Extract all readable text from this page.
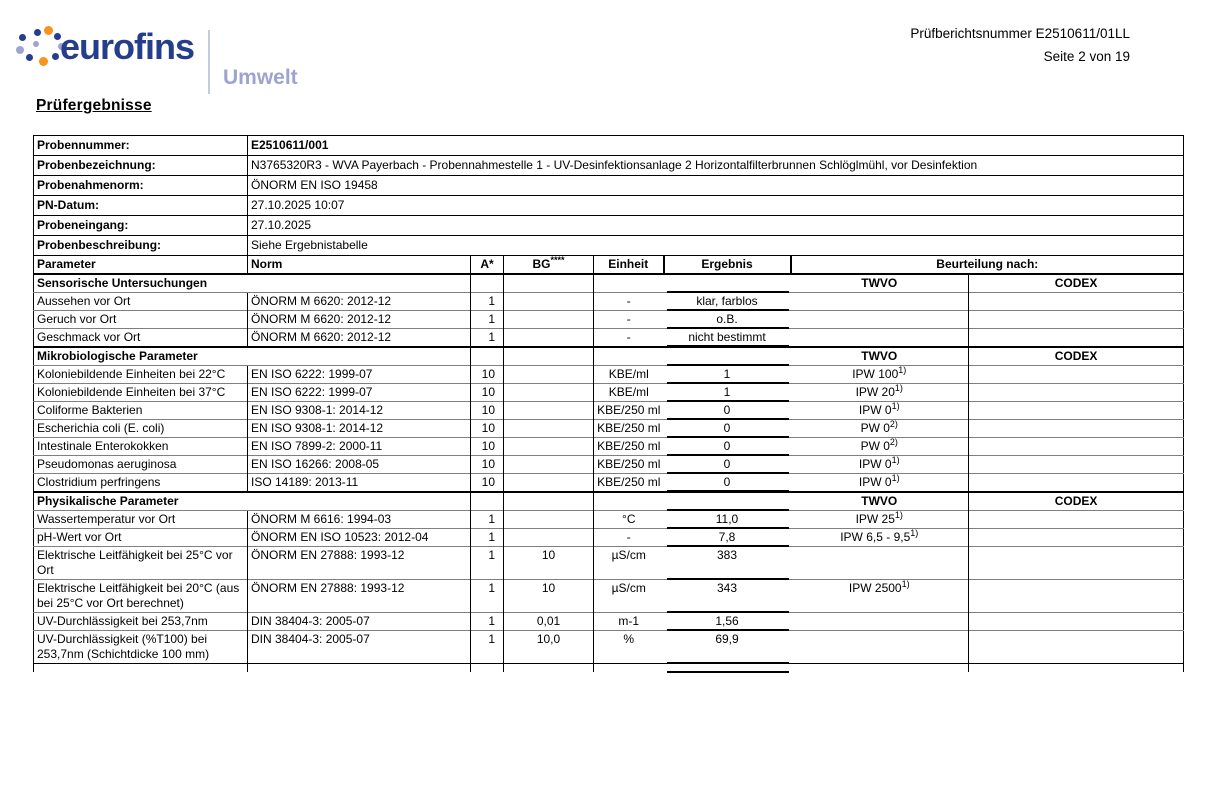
eurofins
Umwelt
Prüfberichtsnummer E2510611/01LL
Seite 2 von 19
Prüfergebnisse
Probennummer:	E2510611/001						
Probenbezeichnung:	N3765320R3 - WVA Payerbach - Probennahmestelle 1 - UV-Desinfektionsanlage 2 Horizontalfilterbrunnen Schlöglmühl, vor Desinfektion						
Probenahmenorm:	ÖNORM EN ISO 19458						
PN-Datum:	27.10.2025 10:07						
Probeneingang:	27.10.2025						
Probenbeschreibung:	Siehe Ergebnistabelle						
Parameter	Norm	A*	BG****	Einheit	Ergebnis	Beurteilung nach:	
Sensorische Untersuchungen						TWVO	CODEX
Aussehen vor Ort	ÖNORM M 6620: 2012-12	1		-	klar, farblos		
Geruch vor Ort	ÖNORM M 6620: 2012-12	1		-	o.B.		
Geschmack vor Ort	ÖNORM M 6620: 2012-12	1		-	nicht bestimmt		
Mikrobiologische Parameter						TWVO	CODEX
Koloniebildende Einheiten bei 22°C	EN ISO 6222: 1999-07	10		KBE/ml	1	IPW 100$^{1)}$	
Koloniebildende Einheiten bei 37°C	EN ISO 6222: 1999-07	10		KBE/ml	1	IPW 20$^{1)}$	
Coliforme Bakterien	EN ISO 9308-1: 2014-12	10		KBE/250 ml	0	IPW 0$^{1)}$	
Escherichia coli (E. coli)	EN ISO 9308-1: 2014-12	10		KBE/250 ml	0	PW 0$^{2)}$	
Intestinale Enterokokken	EN ISO 7899-2: 2000-11	10		KBE/250 ml	0	PW 0$^{2)}$	
Pseudomonas aeruginosa	EN ISO 16266: 2008-05	10		KBE/250 ml	0	IPW 0$^{1)}$	
Clostridium perfringens	ISO 14189: 2013-11	10		KBE/250 ml	0	IPW 0$^{1)}$	
Physikalische Parameter						TWVO	CODEX
Wassertemperatur vor Ort	ÖNORM M 6616: 1994-03	1		°C	11,0	IPW 25$^{1)}$	
pH-Wert vor Ort	ÖNORM EN ISO 10523: 2012-04	1		-	7,8	IPW 6,5 - 9,5$^{1)}$	
Elektrische Leitfähigkeit bei 25°C vor Ort	ÖNORM EN 27888: 1993-12	1	10	µS/cm	383		
Elektrische Leitfähigkeit bei 20°C (aus bei 25°C vor Ort berechnet)	ÖNORM EN 27888: 1993-12	1	10	µS/cm	343	IPW 2500$^{1)}$	
UV-Durchlässigkeit bei 253,7nm	DIN 38404-3: 2005-07	1	0,01	m-1	1,56		
UV-Durchlässigkeit (%T100) bei 253,7nm (Schichtdicke 100 mm)	DIN 38404-3: 2005-07	1	10,0	%	69,9		
